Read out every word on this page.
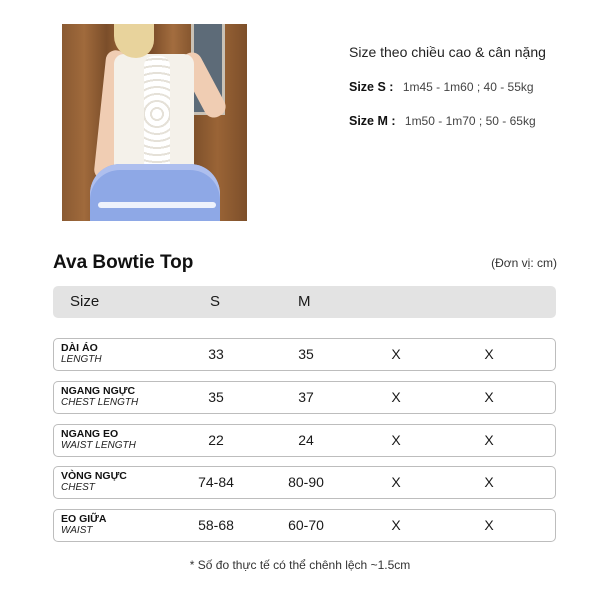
Size theo chiều cao & cân nặng
Size S : 1m45 - 1m60 ; 40 - 55kg
Size M : 1m50 - 1m70 ; 50 - 65kg
Ava Bowtie Top	(Đơn vị: cm)
Size	S	M
DÀI ÁO
LENGTH	33	35	X	X
NGANG NGỰC
CHEST LENGTH	35	37	X	X
NGANG EO
WAIST LENGTH	22	24	X	X
VÒNG NGỰC
CHEST	74-84	80-90	X	X
EO GIỮA
WAIST	58-68	60-70	X	X
* Số đo thực tế có thể chênh lệch ~1.5cm
